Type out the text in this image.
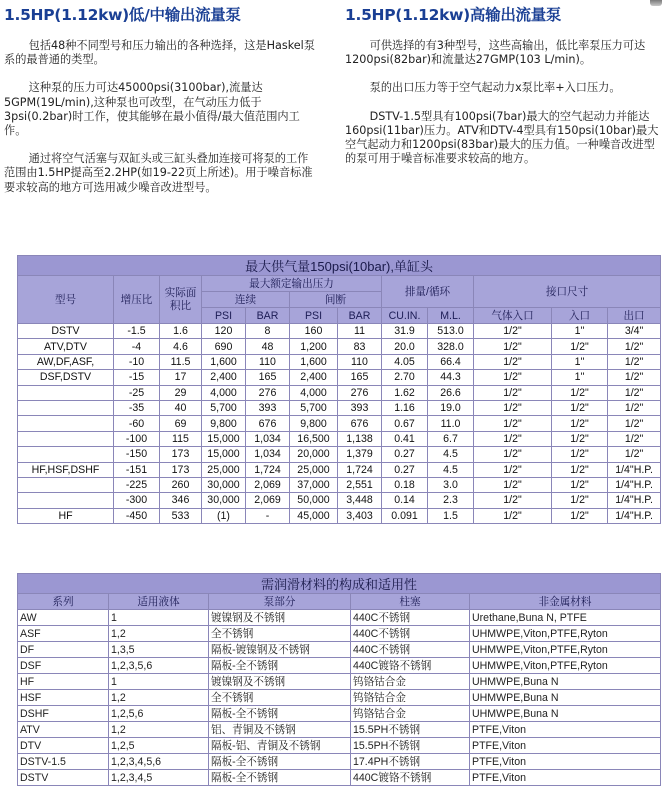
1.5HP(1.12kw)低/中输出流量泵

包括48种不同型号和压力输出的各种选择，这是Haskel泵系的最普通的类型。

这种泵的压力可达45000psi(3100bar),流量达5GPM(19L/min),这种泵也可改型，在气动压力低于3psi(0.2bar)时工作，使其能够在最小值得/最大值范围内工作。

通过将空气活塞与双缸头或三缸头叠加连接可将泵的工作范围由1.5HP提高至2.2HP(如19-22页上所述)。用于噪音标准要求较高的地方可选用减少噪音改进型号。

1.5HP(1.12kw)高输出流量泵

可供选择的有3种型号，这些高输出，低比率泵压力可达1200psi(82bar)和流量达27GMP(103 L/min)。

泵的出口压力等于空气起动力x泵比率+入口压力。

DSTV-1.5型具有100psi(7bar)最大的空气起动力并能达160psi(11bar)压力。ATV和DTV-4型具有150psi(10bar)最大空气起动力和1200psi(83bar)最大的压力值。一种噪音改进型的泵可用于噪音标准要求较高的地方。

最大供气量150psi(10bar),单缸头											
型号	增压比	实际面积比	最大额定输出压力				排量/循环		接口尺寸		
			连续		间断						
			PSI	BAR	PSI	BAR	CU.IN.	M.L.	气体入口	入口	出口
DSTV	-1.5	1.6	120	8	160	11	31.9	513.0	1/2"	1"	3/4"
ATV,DTV	-4	4.6	690	48	1,200	83	20.0	328.0	1/2"	1/2"	1/2"
AW,DF,ASF,	-10	11.5	1,600	110	1,600	110	4.05	66.4	1/2"	1"	1/2"
DSF,DSTV	-15	17	2,400	165	2,400	165	2.70	44.3	1/2"	1"	1/2"
	-25	29	4,000	276	4,000	276	1.62	26.6	1/2"	1/2"	1/2"
	-35	40	5,700	393	5,700	393	1.16	19.0	1/2"	1/2"	1/2"
	-60	69	9,800	676	9,800	676	0.67	11.0	1/2"	1/2"	1/2"
	-100	115	15,000	1,034	16,500	1,138	0.41	6.7	1/2"	1/2"	1/2"
	-150	173	15,000	1,034	20,000	1,379	0.27	4.5	1/2"	1/2"	1/2"
HF,HSF,DSHF	-151	173	25,000	1,724	25,000	1,724	0.27	4.5	1/2"	1/2"	1/4"H.P.
	-225	260	30,000	2,069	37,000	2,551	0.18	3.0	1/2"	1/2"	1/4"H.P.
	-300	346	30,000	2,069	50,000	3,448	0.14	2.3	1/2"	1/2"	1/4"H.P.
HF	-450	533	(1)	-	45,000	3,403	0.091	1.5	1/2"	1/2"	1/4"H.P.
需润滑材料的构成和适用性				
系列	适用液体	泵部分	柱塞	非金属材料
AW	1	镀镍钢及不锈钢	440C不锈钢	Urethane,Buna N, PTFE
ASF	1,2	全不锈钢	440C不锈钢	UHMWPE,Viton,PTFE,Ryton
DF	1,3,5	隔板-镀镍钢及不锈钢	440C不锈钢	UHMWPE,Viton,PTFE,Ryton
DSF	1,2,3,5,6	隔板-全不锈钢	440C镀铬不锈钢	UHMWPE,Viton,PTFE,Ryton
HF	1	镀镍钢及不锈钢	钨铬钴合金	UHMWPE,Buna N
HSF	1,2	全不锈钢	钨铬钴合金	UHMWPE,Buna N
DSHF	1,2,5,6	隔板-全不锈钢	钨铬钴合金	UHMWPE,Buna N
ATV	1,2	铝、青铜及不锈钢	15.5PH不锈钢	PTFE,Viton
DTV	1,2,5	隔板-铝、青铜及不锈钢	15.5PH不锈钢	PTFE,Viton
DSTV-1.5	1,2,3,4,5,6	隔板-全不锈钢	17.4PH不锈钢	PTFE,Viton
DSTV	1,2,3,4,5	隔板-全不锈钢	440C镀铬不锈钢	PTFE,Viton
